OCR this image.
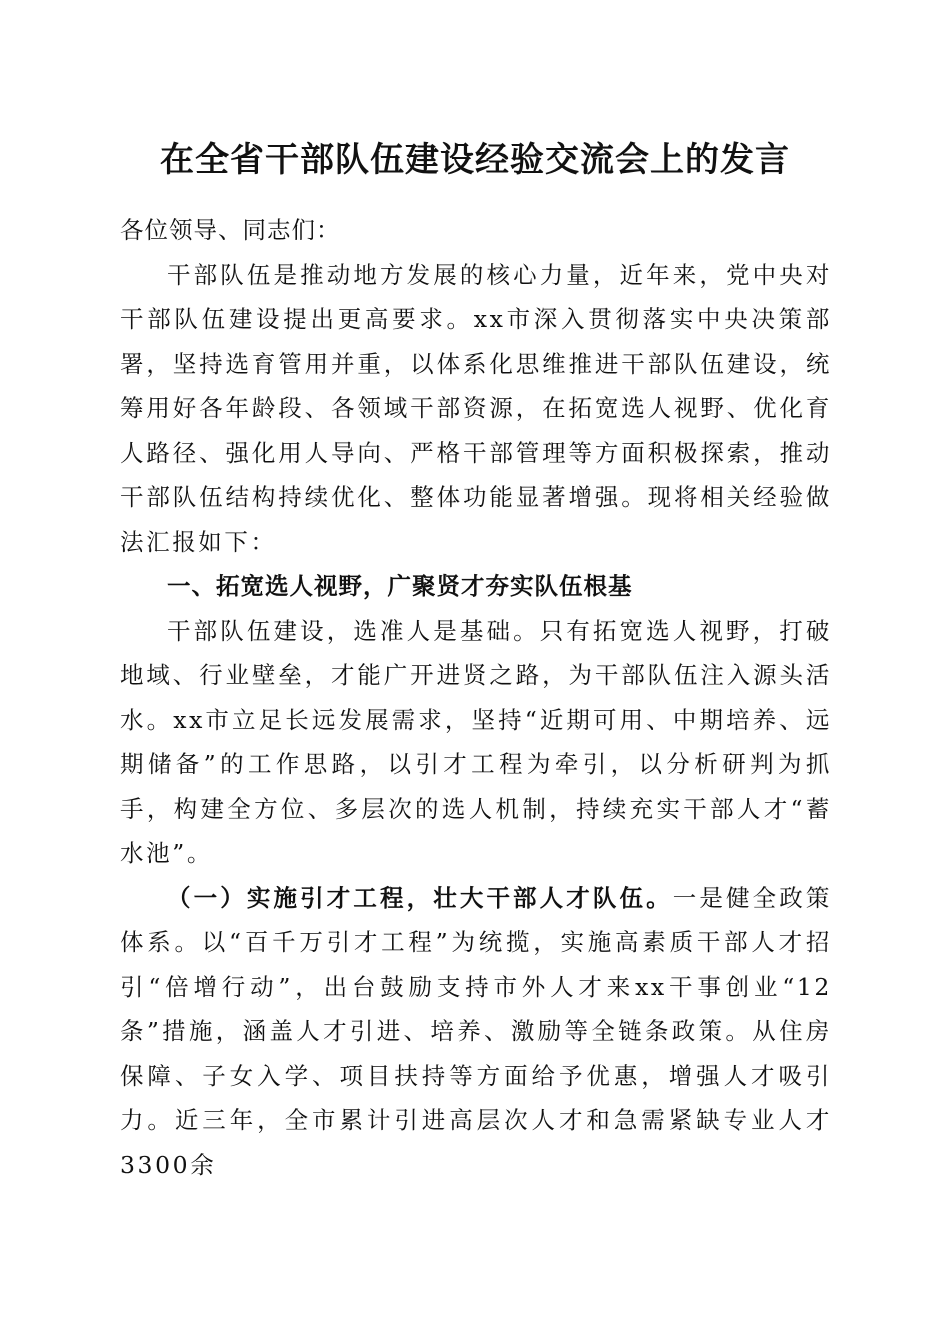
在全省干部队伍建设经验交流会上的发言

各位领导、同志们：

干部队伍是推动地方发展的核心力量，近年来，党中央对干部队伍建设提出更高要求。xx市深入贯彻落实中央决策部署，坚持选育管用并重，以体系化思维推进干部队伍建设，统筹用好各年龄段、各领域干部资源，在拓宽选人视野、优化育人路径、强化用人导向、严格干部管理等方面积极探索，推动干部队伍结构持续优化、整体功能显著增强。现将相关经验做法汇报如下：

一、拓宽选人视野，广聚贤才夯实队伍根基

干部队伍建设，选准人是基础。只有拓宽选人视野，打破地域、行业壁垒，才能广开进贤之路，为干部队伍注入源头活水。xx市立足长远发展需求，坚持“近期可用、中期培养、远期储备”的工作思路，以引才工程为牵引，以分析研判为抓手，构建全方位、多层次的选人机制，持续充实干部人才“蓄水池”。

（一）实施引才工程，壮大干部人才队伍。一是健全政策体系。以“百千万引才工程”为统揽，实施高素质干部人才招引“倍增行动”，出台鼓励支持市外人才来xx干事创业“12条”措施，涵盖人才引进、培养、激励等全链条政策。从住房保障、子女入学、项目扶持等方面给予优惠，增强人才吸引力。近三年，全市累计引进高层次人才和急需紧缺专业人才3300余
